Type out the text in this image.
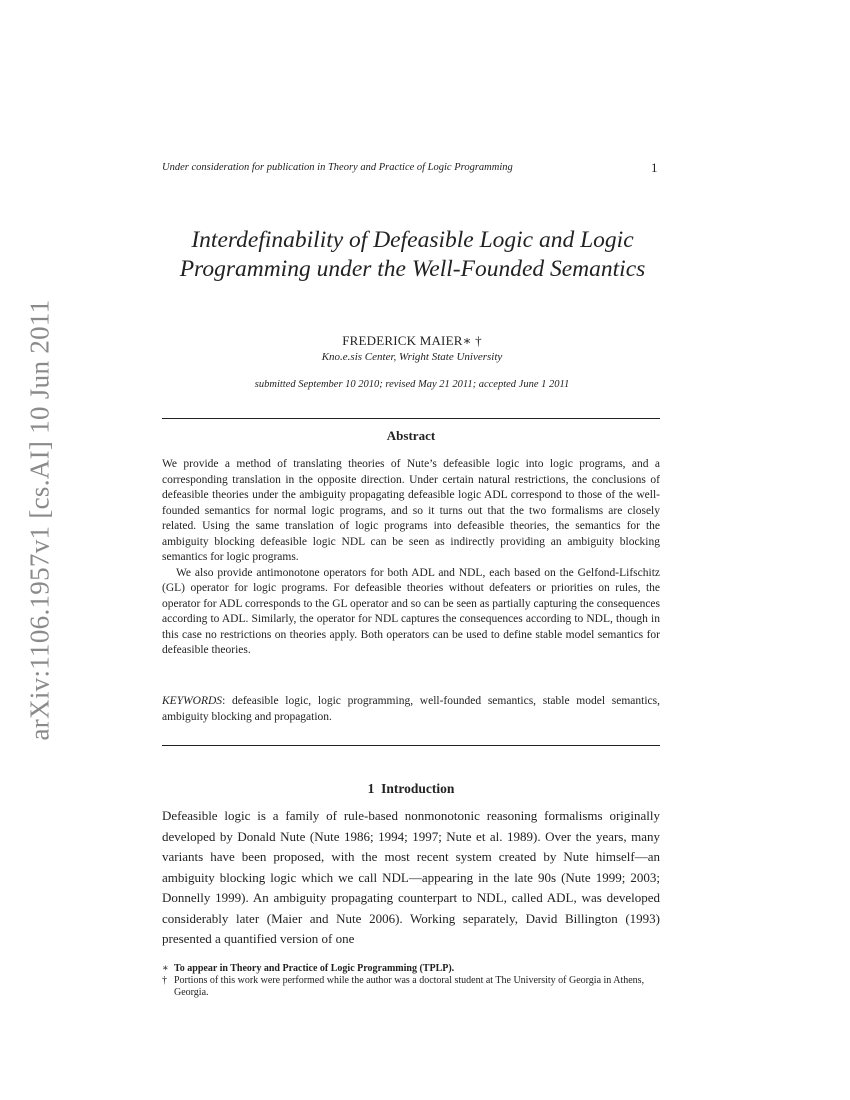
arXiv:1106.1957v1 [cs.AI] 10 Jun 2011
Under consideration for publication in Theory and Practice of Logic Programming	1
Interdefinability of Defeasible Logic and Logic Programming under the Well-Founded Semantics
FREDERICK MAIER∗ †
Kno.e.sis Center, Wright State University
submitted September 10 2010; revised May 21 2011; accepted June 1 2011
Abstract

We provide a method of translating theories of Nute’s defeasible logic into logic programs, and a corresponding translation in the opposite direction. Under certain natural restrictions, the conclusions of defeasible theories under the ambiguity propagating defeasible logic ADL correspond to those of the well-founded semantics for normal logic programs, and so it turns out that the two formalisms are closely related. Using the same translation of logic programs into defeasible theories, the semantics for the ambiguity blocking defeasible logic NDL can be seen as indirectly providing an ambiguity blocking semantics for logic programs.

We also provide antimonotone operators for both ADL and NDL, each based on the Gelfond-Lifschitz (GL) operator for logic programs. For defeasible theories without defeaters or priorities on rules, the operator for ADL corresponds to the GL operator and so can be seen as partially capturing the consequences according to ADL. Similarly, the operator for NDL captures the consequences according to NDL, though in this case no restrictions on theories apply. Both operators can be used to define stable model semantics for defeasible theories.

KEYWORDS: defeasible logic, logic programming, well-founded semantics, stable model semantics, ambiguity blocking and propagation.
1 Introduction
Defeasible logic is a family of rule-based nonmonotonic reasoning formalisms originally developed by Donald Nute (Nute 1986; 1994; 1997; Nute et al. 1989). Over the years, many variants have been proposed, with the most recent system created by Nute himself—an ambiguity blocking logic which we call NDL—appearing in the late 90s (Nute 1999; 2003; Donnelly 1999). An ambiguity propagating counterpart to NDL, called ADL, was developed considerably later (Maier and Nute 2006). Working separately, David Billington (1993) presented a quantified version of one
∗ To appear in Theory and Practice of Logic Programming (TPLP).
† Portions of this work were performed while the author was a doctoral student at The University of Georgia in Athens, Georgia.
